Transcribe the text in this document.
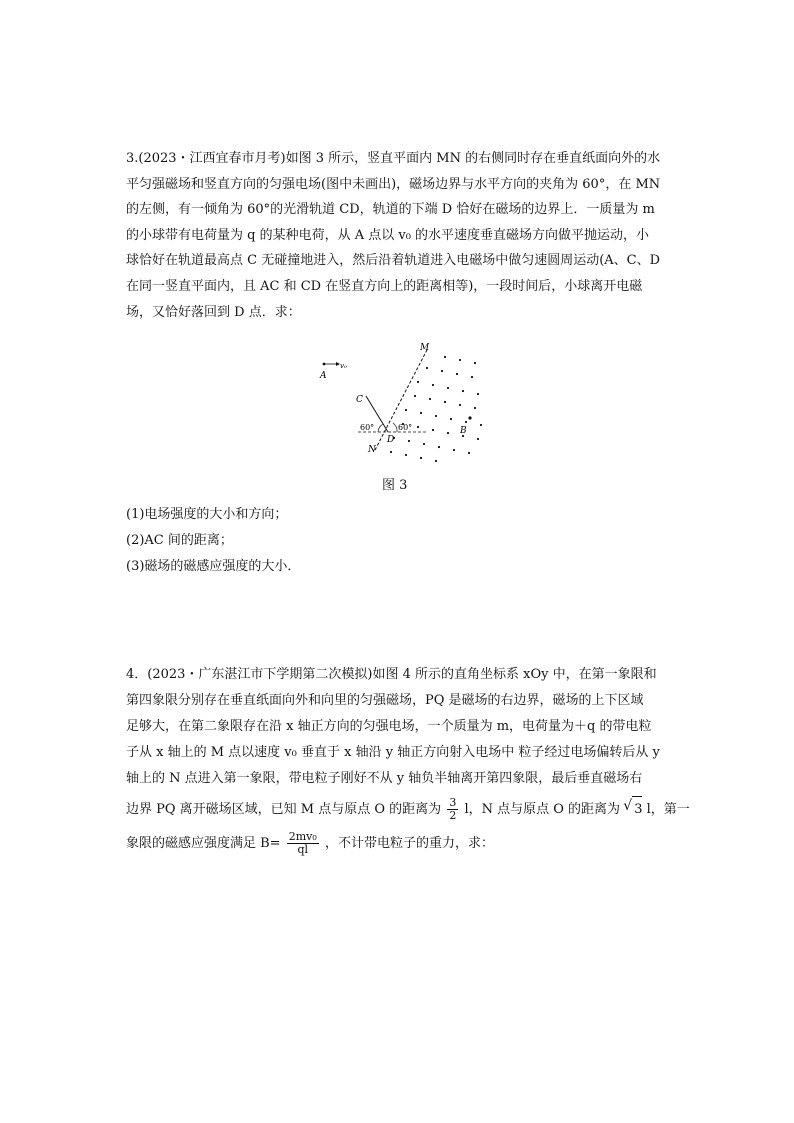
3.(2023・江西宜春市月考)如图 3 所示，竖直平面内 MN 的右侧同时存在垂直纸面向外的水
平匀强磁场和竖直方向的匀强电场(图中未画出)，磁场边界与水平方向的夹角为 60°，在 MN
的左侧，有一倾角为 60°的光滑轨道 CD，轨道的下端 D 恰好在磁场的边界上．一质量为 m
的小球带有电荷量为 q 的某种电荷，从 A 点以 v₀ 的水平速度垂直磁场方向做平抛运动，小
球恰好在轨道最高点 C 无碰撞地进入，然后沿着轨道进入电磁场中做匀速圆周运动(A、C、D
在同一竖直平面内，且 AC 和 CD 在竖直方向上的距离相等)，一段时间后，小球离开电磁
场，又恰好落回到 D 点．求：
A
v₀
C
D
N
M
B
60°	60°
图 3
(1)电场强度的大小和方向；
(2)AC 间的距离；
(3)磁场的磁感应强度的大小．
4．(2023・广东湛江市下学期第二次模拟)如图 4 所示的直角坐标系 xOy 中，在第一象限和
第四象限分别存在垂直纸面向外和向里的匀强磁场，PQ 是磁场的右边界，磁场的上下区域
足够大，在第二象限存在沿 x 轴正方向的匀强电场，一个质量为 m，电荷量为＋q 的带电粒
子从 x 轴上的 M 点以速度 v₀ 垂直于 x 轴沿 y 轴正方向射入电场中 粒子经过电场偏转后从 y
轴上的 N 点进入第一象限，带电粒子刚好不从 y 轴负半轴离开第四象限，最后垂直磁场右
边界 PQ 离开磁场区域，已知 M 点与原点 O 的距离为 $\frac{3}{2}$ l，N 点与原点 O 的距离为 √ 3 l，第一
象限的磁感应强度满足 $B= \frac{\text{2mv₀}}{ql}$ ，不计带电粒子的重力，求：
